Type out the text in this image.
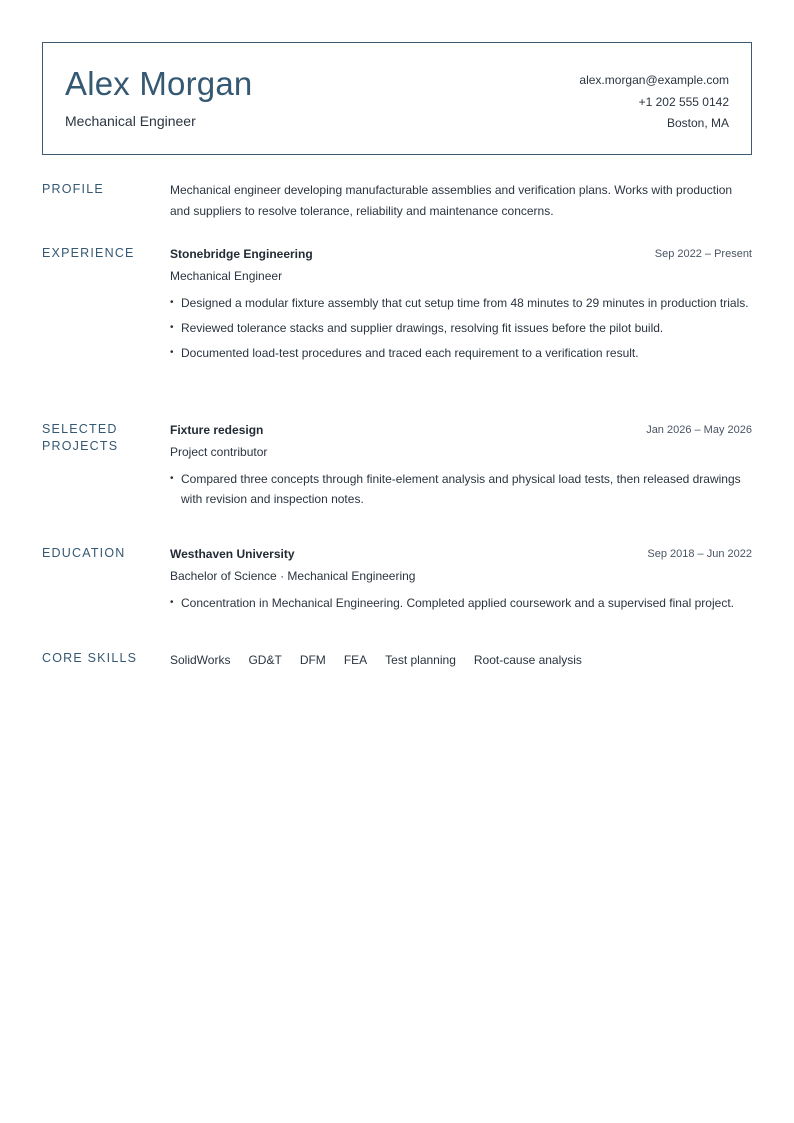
Alex Morgan
Mechanical Engineer
alex.morgan@example.com
+1 202 555 0142
Boston, MA
PROFILE	Mechanical engineer developing manufacturable assemblies and verification plans. Works with production and suppliers to resolve tolerance, reliability and maintenance concerns.
EXPERIENCE	Stonebridge Engineering	Sep 2022 – Present
Mechanical Engineer
• Designed a modular fixture assembly that cut setup time from 48 minutes to 29 minutes in production trials.
• Reviewed tolerance stacks and supplier drawings, resolving fit issues before the pilot build.
• Documented load-test procedures and traced each requirement to a verification result.
SELECTED
PROJECTS
Fixture redesign	Jan 2026 – May 2026
Project contributor
• Compared three concepts through finite-element analysis and physical load tests, then released drawings with revision and inspection notes.
EDUCATION	Westhaven University	Sep 2018 – Jun 2022
Bachelor of Science · Mechanical Engineering
• Concentration in Mechanical Engineering. Completed applied coursework and a supervised final project.
CORE SKILLS	SolidWorks GD&T DFM FEA Test planning Root-cause analysis
